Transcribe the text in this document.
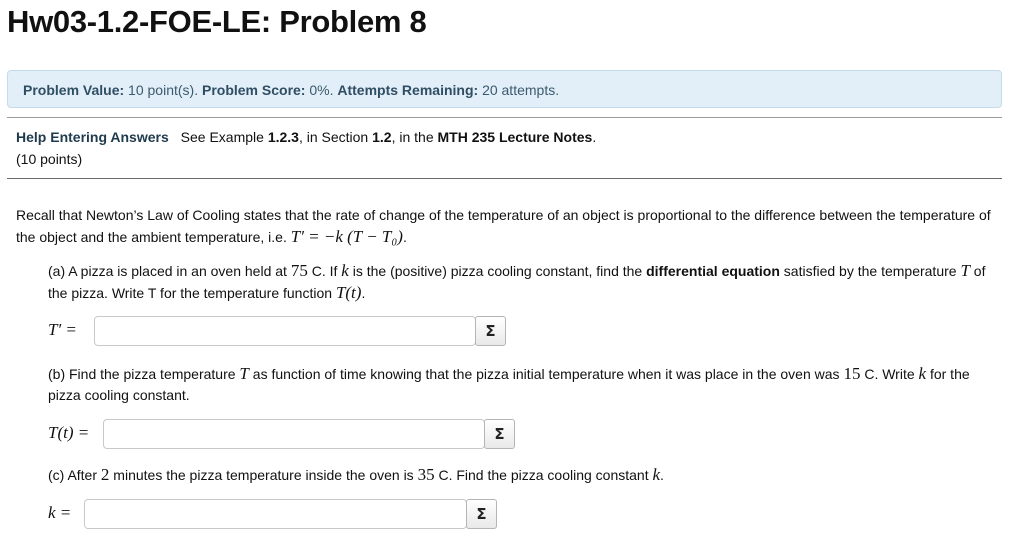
Hw03-1.2-FOE-LE: Problem 8
Problem Value: 10 point(s). Problem Score: 0%. Attempts Remaining: 20 attempts.
Help Entering Answers See Example 1.2.3, in Section 1.2, in the MTH 235 Lecture Notes.
(10 points)

Recall that Newton’s Law of Cooling states that the rate of change of the temperature of an object is proportional to the difference between the temperature of the object and the ambient temperature, i.e. T′ = −k (T − T₀).

(a) A pizza is placed in an oven held at 75 C. If k is the (positive) pizza cooling constant, find the differential equation satisfied by the temperature T of the pizza. Write T for the temperature function T(t).

T′ =	Σ

(b) Find the pizza temperature T as function of time knowing that the pizza initial temperature when it was place in the oven was 15 C. Write k for the pizza cooling constant.

T(t) =	Σ

(c) After 2 minutes the pizza temperature inside the oven is 35 C. Find the pizza cooling constant k.

k =	Σ
